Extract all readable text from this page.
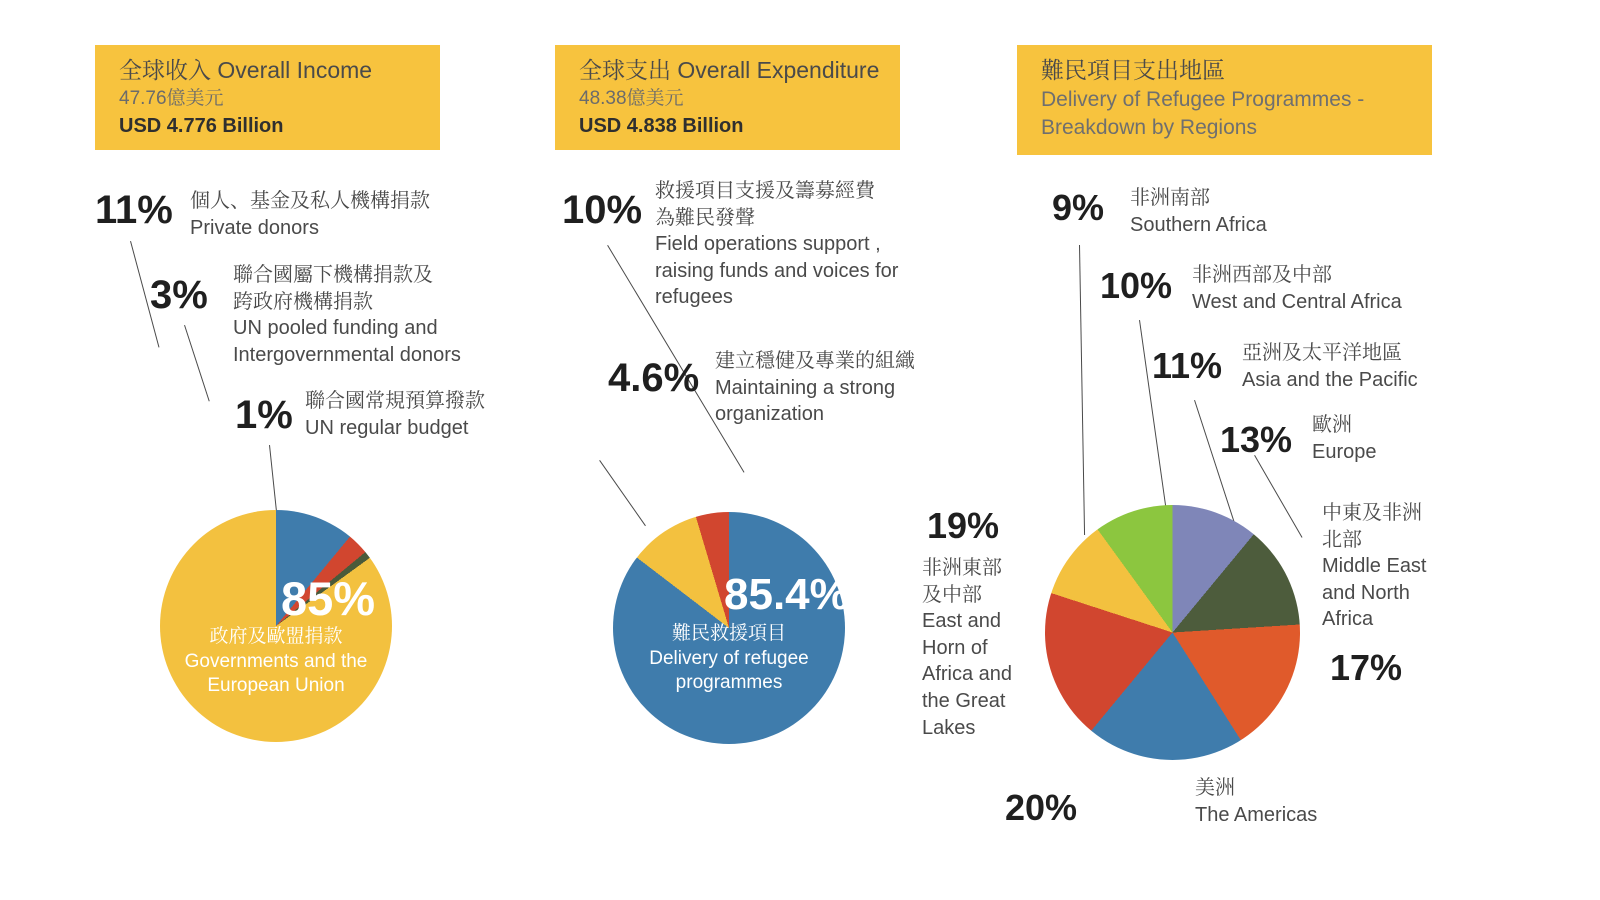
全球收入 Overall Income
47.76億美元
USD 4.776 Billion
11% 個人、基金及私人機構捐款
Private donors
3% 聯合國屬下機構捐款及
跨政府機構捐款
UN pooled funding and
Intergovernmental donors
1% 聯合國常規預算撥款
UN regular budget
85%
政府及歐盟捐款
Governments and the
European Union
全球支出 Overall Expenditure
48.38億美元
USD 4.838 Billion
10% 救援項目支援及籌募經費
為難民發聲
Field operations support ,
raising funds and voices for
refugees
4.6% 建立穩健及專業的組織
Maintaining a strong
organization
85.4%
難民救援項目
Delivery of refugee
programmes
難民項目支出地區
Delivery of Refugee Programmes -
Breakdown by Regions
9% 非洲南部
Southern Africa
10% 非洲西部及中部
West and Central Africa
11% 亞洲及太平洋地區
Asia and the Pacific
13% 歐洲
Europe
中東及非洲
北部
Middle East
and North
Africa
17%
19%
非洲東部
及中部
East and
Horn of
Africa and
the Great
Lakes
20%	美洲
The Americas
